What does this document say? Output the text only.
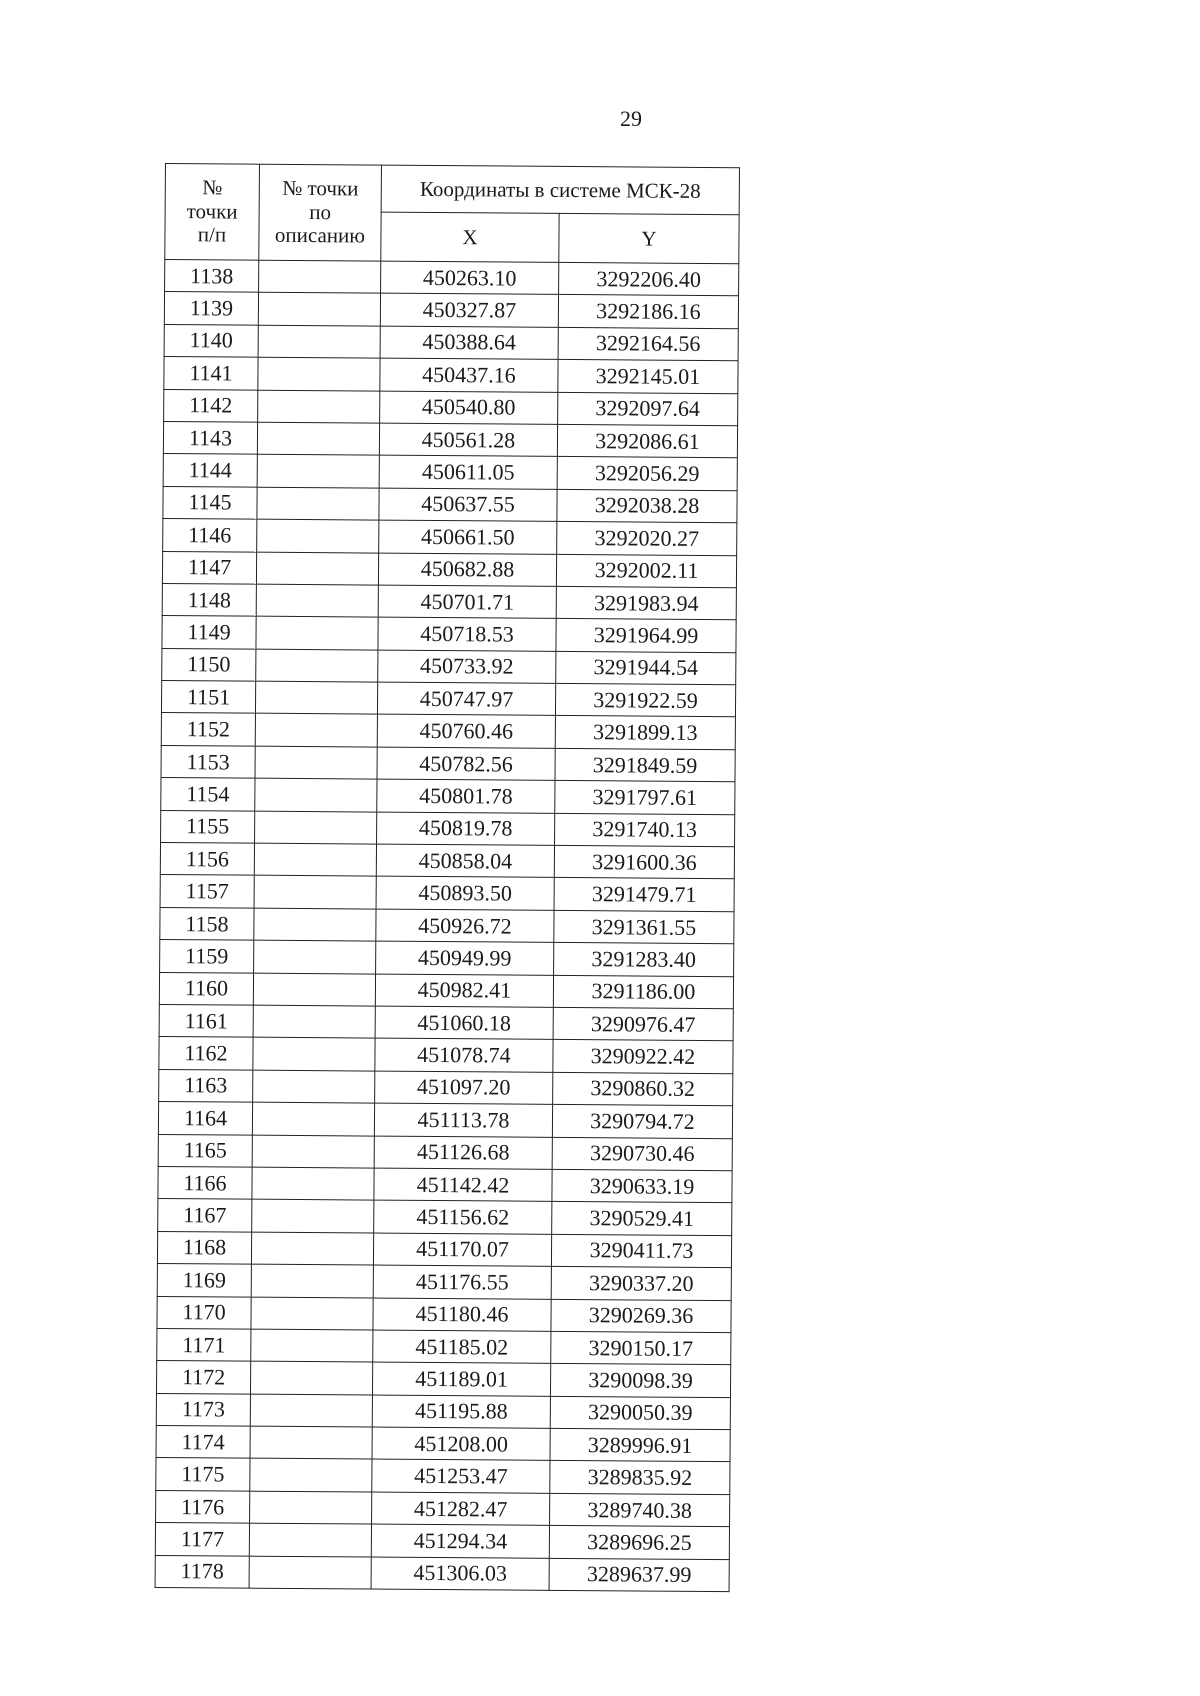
29
№
точки
п/п	№ точки
по
описанию	Координаты в системе МСК-28	
		X	Y
1138		450263.10	3292206.40
1139		450327.87	3292186.16
1140		450388.64	3292164.56
1141		450437.16	3292145.01
1142		450540.80	3292097.64
1143		450561.28	3292086.61
1144		450611.05	3292056.29
1145		450637.55	3292038.28
1146		450661.50	3292020.27
1147		450682.88	3292002.11
1148		450701.71	3291983.94
1149		450718.53	3291964.99
1150		450733.92	3291944.54
1151		450747.97	3291922.59
1152		450760.46	3291899.13
1153		450782.56	3291849.59
1154		450801.78	3291797.61
1155		450819.78	3291740.13
1156		450858.04	3291600.36
1157		450893.50	3291479.71
1158		450926.72	3291361.55
1159		450949.99	3291283.40
1160		450982.41	3291186.00
1161		451060.18	3290976.47
1162		451078.74	3290922.42
1163		451097.20	3290860.32
1164		451113.78	3290794.72
1165		451126.68	3290730.46
1166		451142.42	3290633.19
1167		451156.62	3290529.41
1168		451170.07	3290411.73
1169		451176.55	3290337.20
1170		451180.46	3290269.36
1171		451185.02	3290150.17
1172		451189.01	3290098.39
1173		451195.88	3290050.39
1174		451208.00	3289996.91
1175		451253.47	3289835.92
1176		451282.47	3289740.38
1177		451294.34	3289696.25
1178		451306.03	3289637.99
